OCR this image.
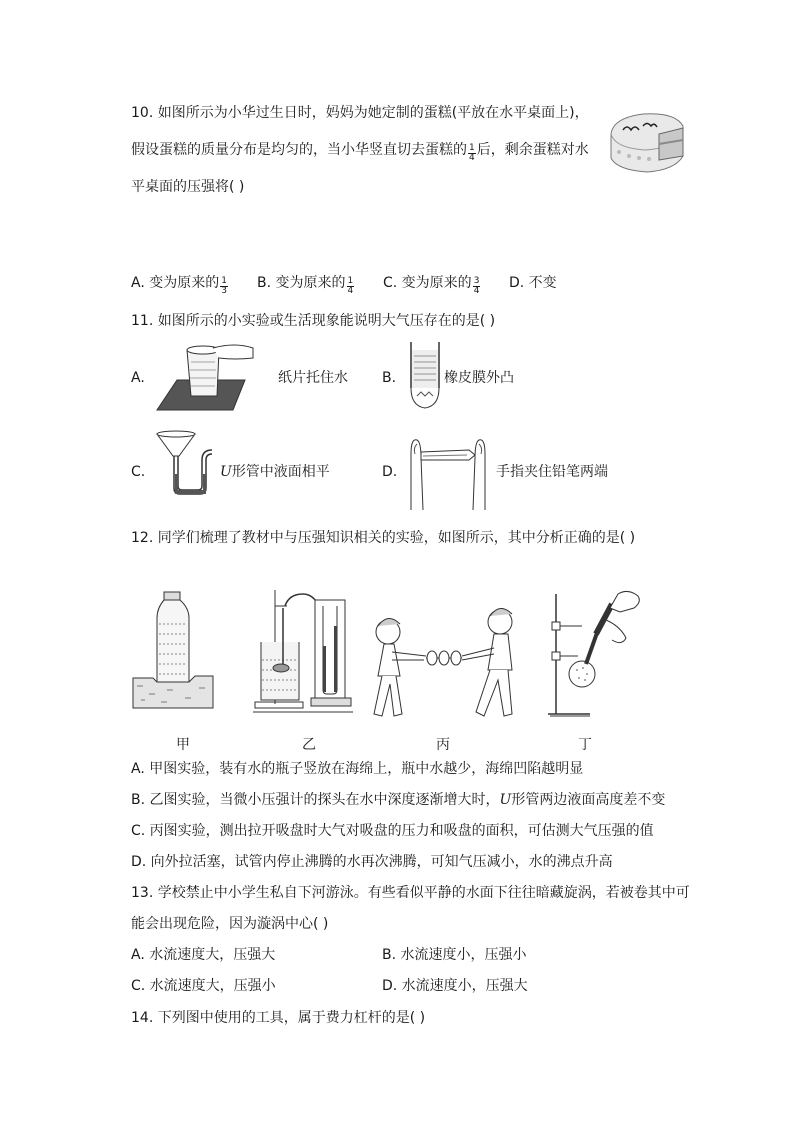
10. 如图所示为小华过生日时，妈妈为她定制的蛋糕(平放在水平桌面上)，
假设蛋糕的质量分布是均匀的，当小华竖直切去蛋糕的 $\frac{1}{4}$ 后，剩余蛋糕对水
平桌面的压强将( )
A. 变为原来的 $\frac{1}{3} B$. 变为原来的 $\frac{1}{4} C$. 变为原来的 $\frac{3}{4} D$. 不变
11. 如图所示的小实验或生活现象能说明大气压存在的是( )
A.	纸片托住水 B.	橡皮膜外凸
C.	U形管中液面相平	D.	手指夹住铅笔两端
12. 同学们梳理了教材中与压强知识相关的实验，如图所示，其中分析正确的是( )
甲	乙	丙	丁
A. 甲图实验，装有水的瓶子竖放在海绵上，瓶中水越少，海绵凹陷越明显
B. 乙图实验，当微小压强计的探头在水中深度逐渐增大时，U形管两边液面高度差不变
C. 丙图实验，测出拉开吸盘时大气对吸盘的压力和吸盘的面积，可估测大气压强的值
D. 向外拉活塞，试管内停止沸腾的水再次沸腾，可知气压减小，水的沸点升高
13. 学校禁止中小学生私自下河游泳。有些看似平静的水面下往往暗藏旋涡，若被卷其中可
能会出现危险，因为漩涡中心( )
A. 水流速度大，压强大	B. 水流速度小，压强小
C. 水流速度大，压强小	D. 水流速度小，压强大
14. 下列图中使用的工具，属于费力杠杆的是( )
